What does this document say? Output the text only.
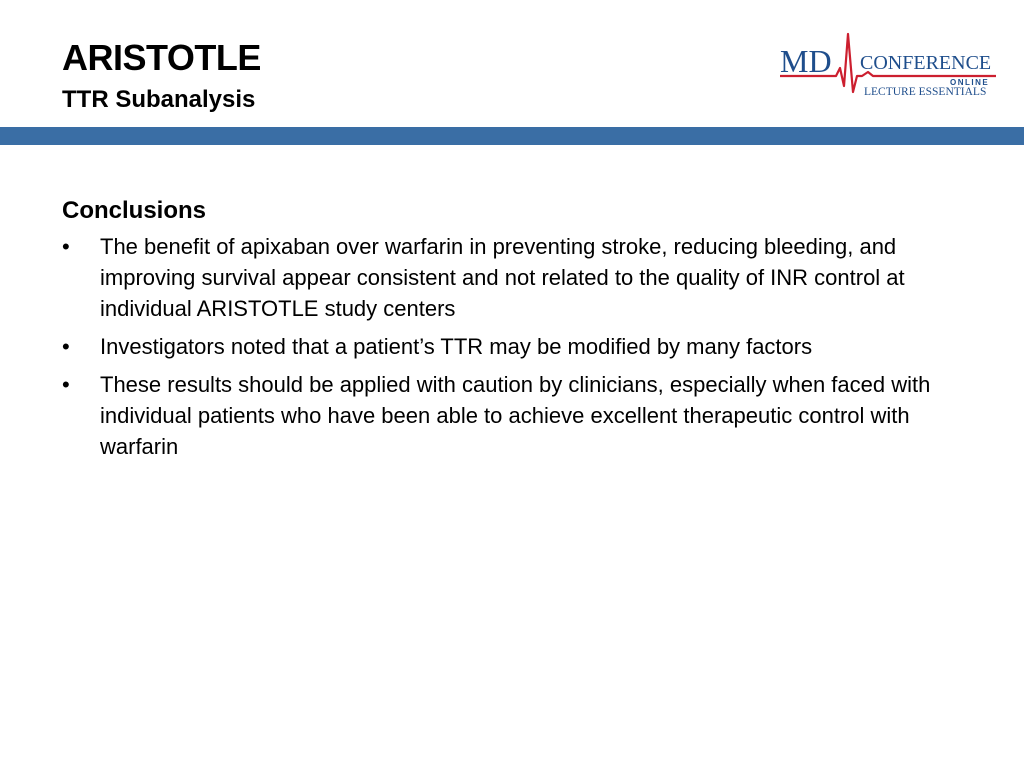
ARISTOTLE
TTR Subanalysis
MD CONFERENCE
ONLINE
LECTURE ESSENTIALS
Conclusions
• The benefit of apixaban over warfarin in preventing stroke, reducing bleeding, and improving survival appear consistent and not related to the quality of INR control at individual ARISTOTLE study centers
• Investigators noted that a patient’s TTR may be modified by many factors
• These results should be applied with caution by clinicians, especially when faced with individual patients who have been able to achieve excellent therapeutic control with warfarin
